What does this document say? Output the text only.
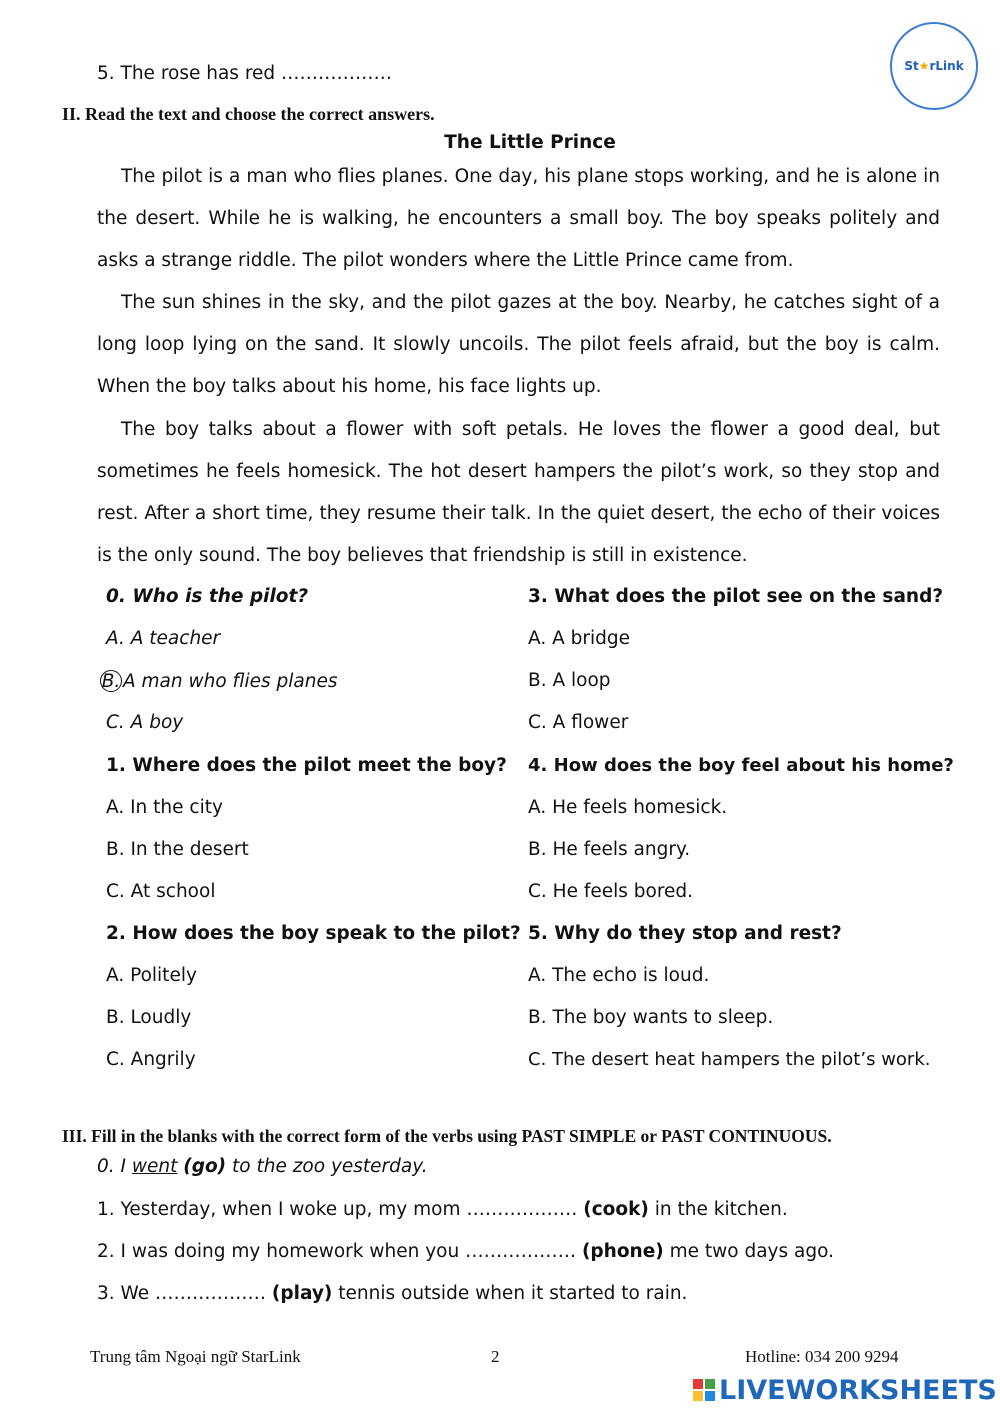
St ★ rLink
5. The rose has red ………………
II. Read the text and choose the correct answers.
The Little Prince
The pilot is a man who flies planes. One day, his plane stops working, and he is alone in the desert. While he is walking, he encounters a small boy. The boy speaks politely and asks a strange riddle. The pilot wonders where the Little Prince came from.
The sun shines in the sky, and the pilot gazes at the boy. Nearby, he catches sight of a long loop lying on the sand. It slowly uncoils. The pilot feels afraid, but the boy is calm. When the boy talks about his home, his face lights up.
The boy talks about a flower with soft petals. He loves the flower a good deal, but sometimes he feels homesick. The hot desert hampers the pilot’s work, so they stop and rest. After a short time, they resume their talk. In the quiet desert, the echo of their voices is the only sound. The boy believes that friendship is still in existence.
0. Who is the pilot?
A. A teacher
B. A man who flies planes
C. A boy
1. Where does the pilot meet the boy?
A. In the city
B. In the desert
C. At school
2. How does the boy speak to the pilot?
A. Politely
B. Loudly
C. Angrily
3. What does the pilot see on the sand?
A. A bridge
B. A loop
C. A flower
4. How does the boy feel about his home?
A. He feels homesick.
B. He feels angry.
C. He feels bored.
5. Why do they stop and rest?
A. The echo is loud.
B. The boy wants to sleep.
C. The desert heat hampers the pilot’s work.
III. Fill in the blanks with the correct form of the verbs using PAST SIMPLE or PAST CONTINUOUS.
0. I went (go) to the zoo yesterday.
1. Yesterday, when I woke up, my mom ……………… (cook) in the kitchen.
2. I was doing my homework when you ……………… (phone) me two days ago.
3. We ……………… (play) tennis outside when it started to rain.
Trung tâm Ngoại ngữ StarLink	2	Hotline: 034 200 9294
LIVEWORKSHEETS
